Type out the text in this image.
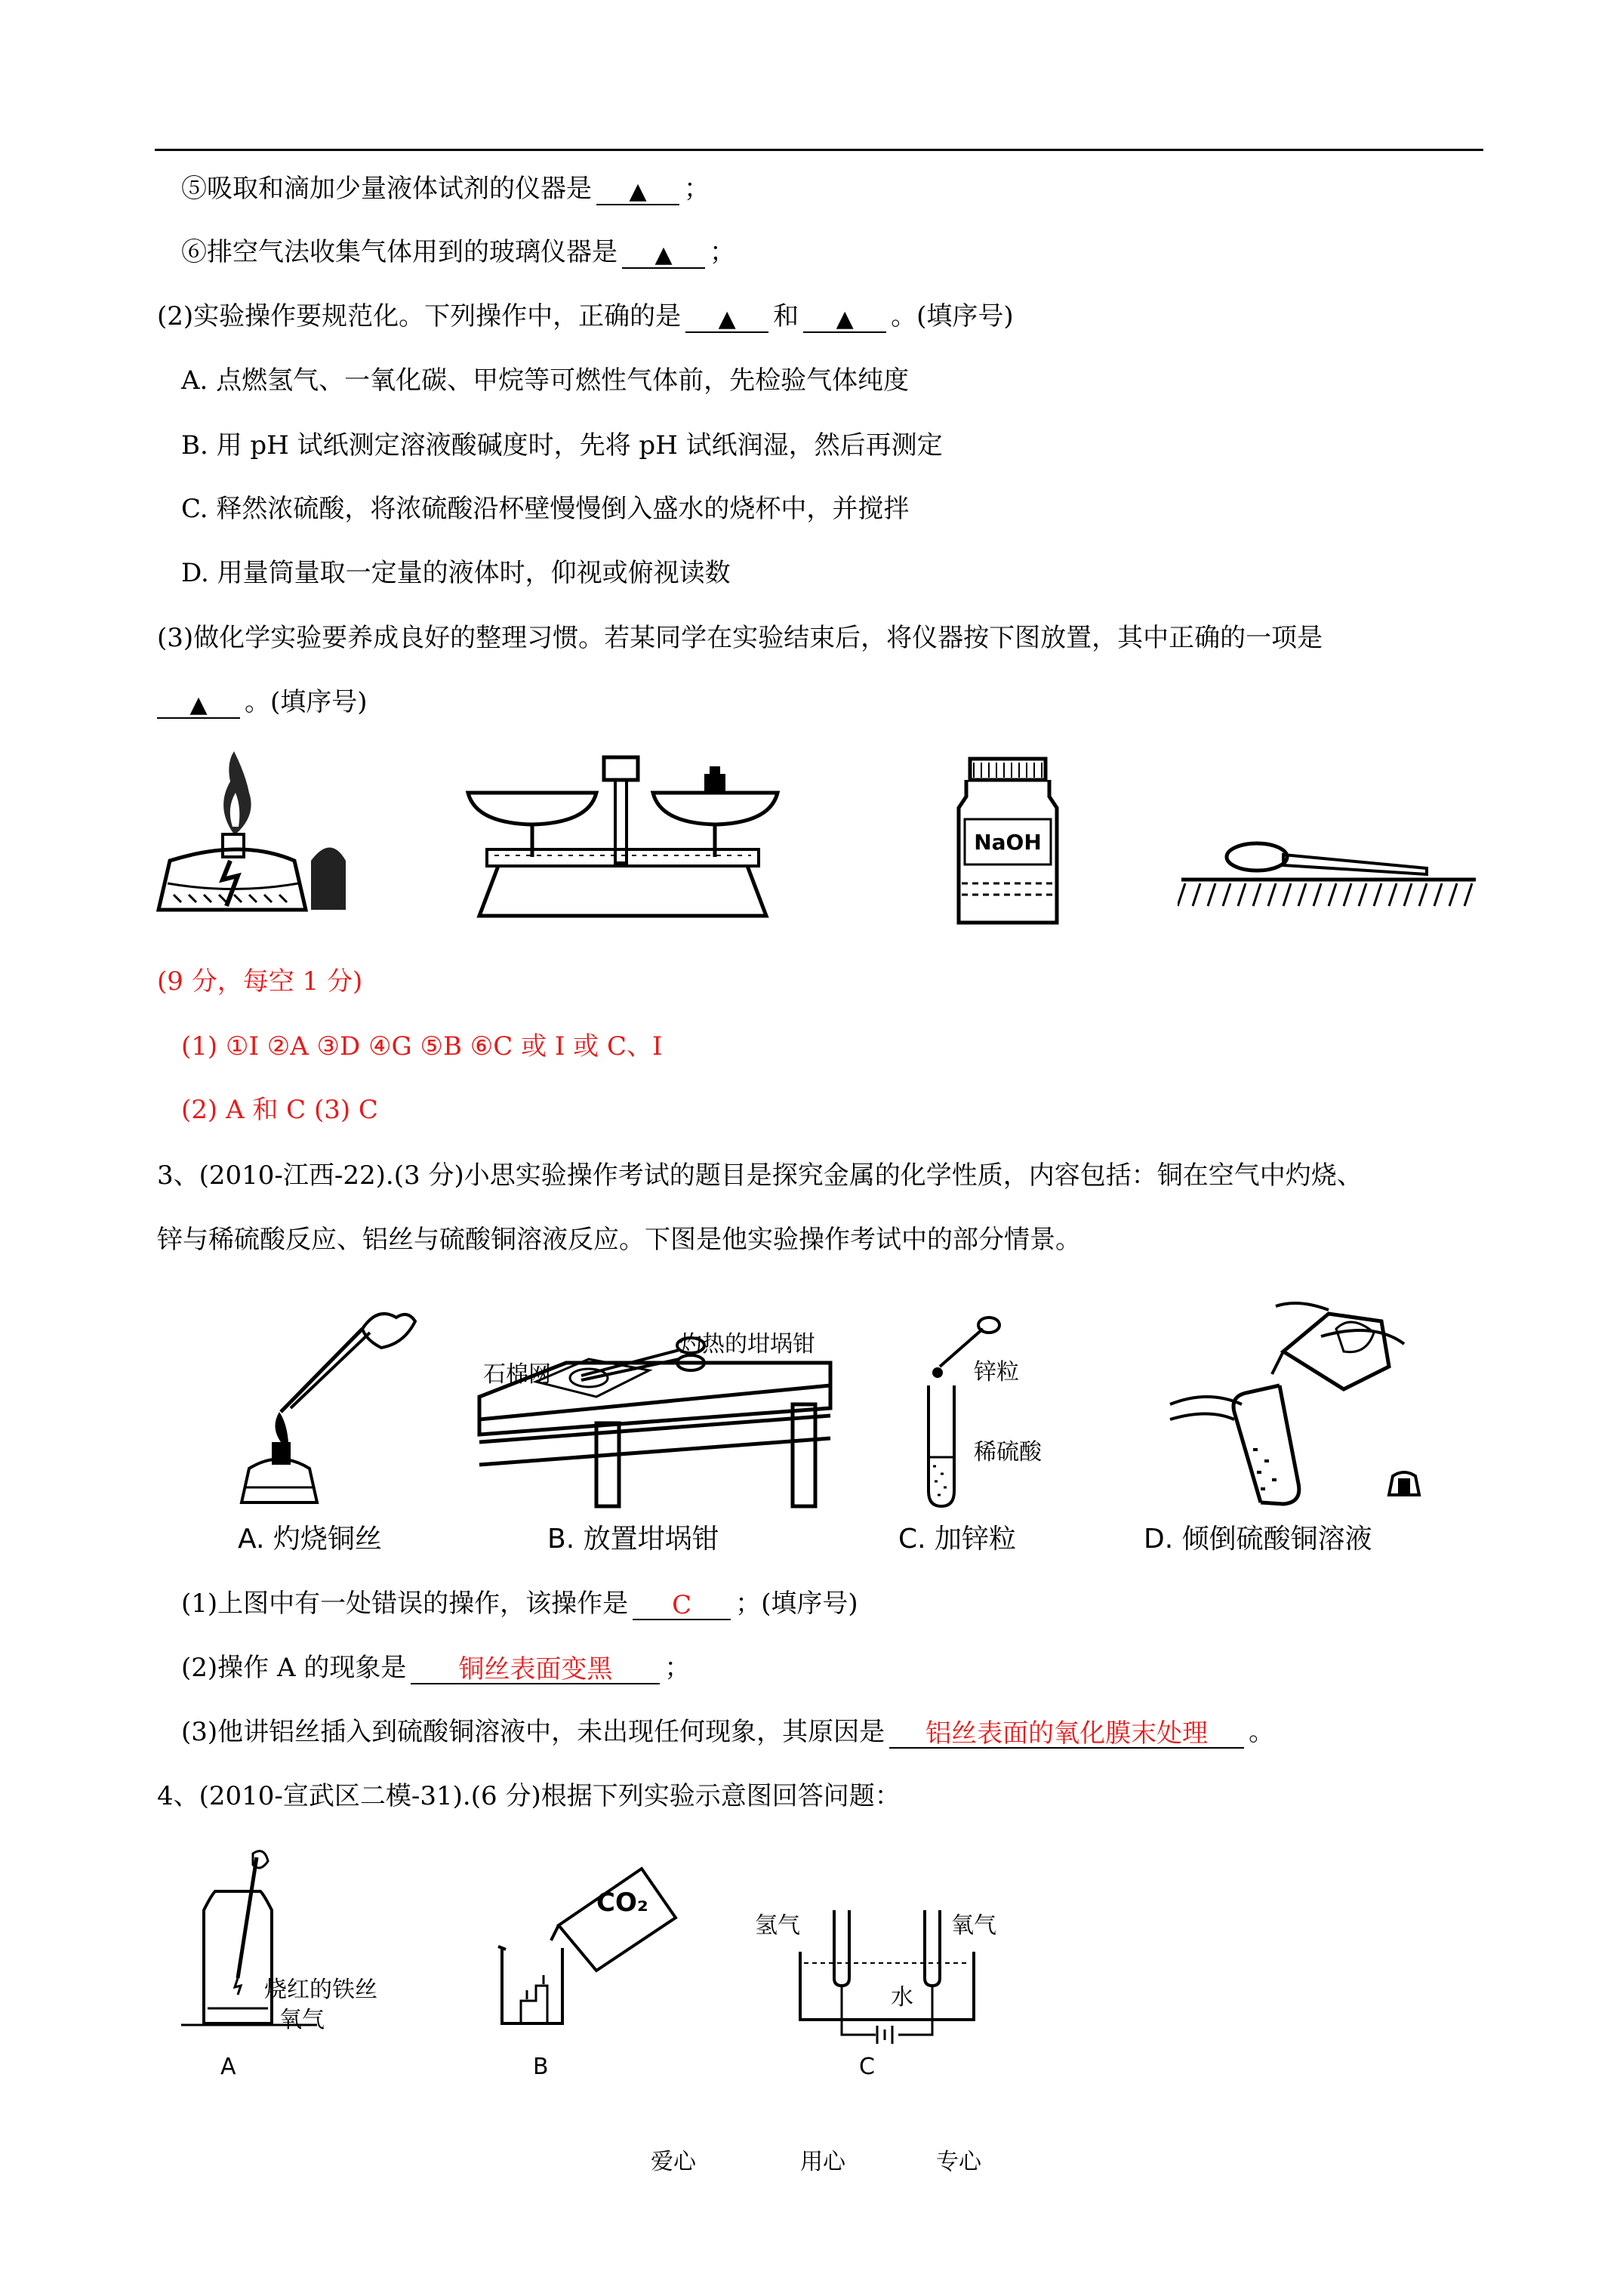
⑤吸取和滴加少量液体试剂的仪器是 ▲ ；
⑥排空气法收集气体用到的玻璃仪器是 ▲ ；
(2)实验操作要规范化。下列操作中，正确的是 ▲ 和 ▲ 。(填序号)
A. 点燃氢气、一氧化碳、甲烷等可燃性气体前，先检验气体纯度
B. 用 pH 试纸测定溶液酸碱度时，先将 pH 试纸润湿，然后再测定
C. 释然浓硫酸，将浓硫酸沿杯壁慢慢倒入盛水的烧杯中，并搅拌
D. 用量筒量取一定量的液体时，仰视或俯视读数
(3)做化学实验要养成良好的整理习惯。若某同学在实验结束后，将仪器按下图放置，其中正确的一项是
▲ 。(填序号)
NaOH
(9 分，每空 1 分)
(1) ①I ②A ③D ④G ⑤B ⑥C 或 I 或 C、I
(2) A 和 C (3) C
3、(2010-江西-22).(3 分)小思实验操作考试的题目是探究金属的化学性质，内容包括：铜在空气中灼烧、
锌与稀硫酸反应、铝丝与硫酸铜溶液反应。下图是他实验操作考试中的部分情景。
A. 灼烧铜丝
石棉网
灼热的坩埚钳
B. 放置坩埚钳
锌粒
稀硫酸
C. 加锌粒	D. 倾倒硫酸铜溶液
(1)上图中有一处错误的操作，该操作是 C ；(填序号)
(2)操作 A 的现象是 铜丝表面变黑 ；
(3)他讲铝丝插入到硫酸铜溶液中，未出现任何现象，其原因是 铝丝表面的氧化膜末处理 。
4、(2010-宣武区二模-31).(6 分)根据下列实验示意图回答问题：
烧红的铁丝
氧气
A
CO₂
B
氢气	氧气
水
C
爱心	用心	专心
